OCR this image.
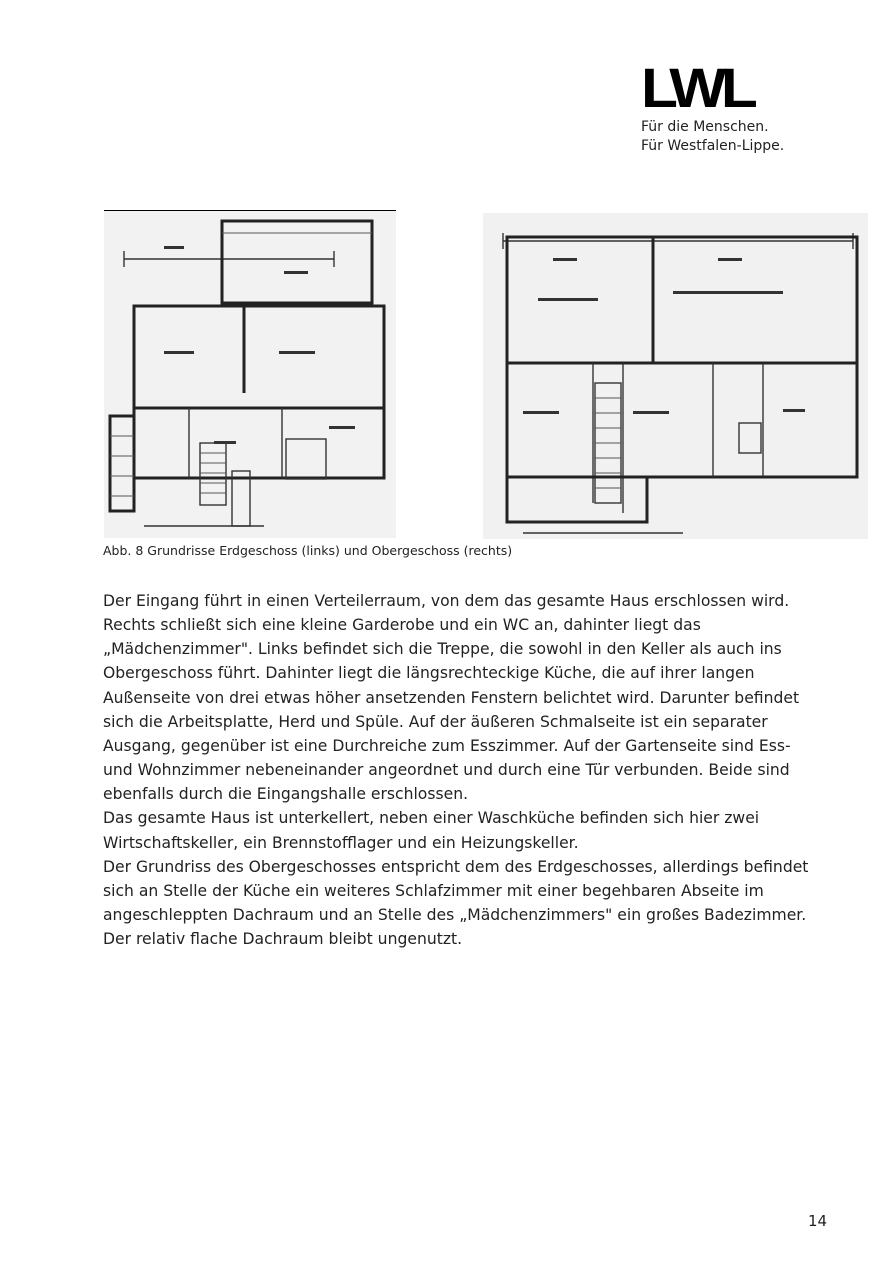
LWL
Für die Menschen.
Für Westfalen-Lippe.
Abb. 8 Grundrisse Erdgeschoss (links) und Obergeschoss (rechts)

Der Eingang führt in einen Verteilerraum, von dem das gesamte Haus erschlossen wird.
Rechts schließt sich eine kleine Garderobe und ein WC an, dahinter liegt das
„Mädchenzimmer". Links befindet sich die Treppe, die sowohl in den Keller als auch ins
Obergeschoss führt. Dahinter liegt die längsrechteckige Küche, die auf ihrer langen
Außenseite von drei etwas höher ansetzenden Fenstern belichtet wird. Darunter befindet
sich die Arbeitsplatte, Herd und Spüle. Auf der äußeren Schmalseite ist ein separater
Ausgang, gegenüber ist eine Durchreiche zum Esszimmer. Auf der Gartenseite sind Ess-
und Wohnzimmer nebeneinander angeordnet und durch eine Tür verbunden. Beide sind
ebenfalls durch die Eingangshalle erschlossen.

Das gesamte Haus ist unterkellert, neben einer Waschküche befinden sich hier zwei
Wirtschaftskeller, ein Brennstofflager und ein Heizungskeller.

Der Grundriss des Obergeschosses entspricht dem des Erdgeschosses, allerdings befindet
sich an Stelle der Küche ein weiteres Schlafzimmer mit einer begehbaren Abseite im
angeschleppten Dachraum und an Stelle des „Mädchenzimmers" ein großes Badezimmer.
Der relativ flache Dachraum bleibt ungenutzt.

14
